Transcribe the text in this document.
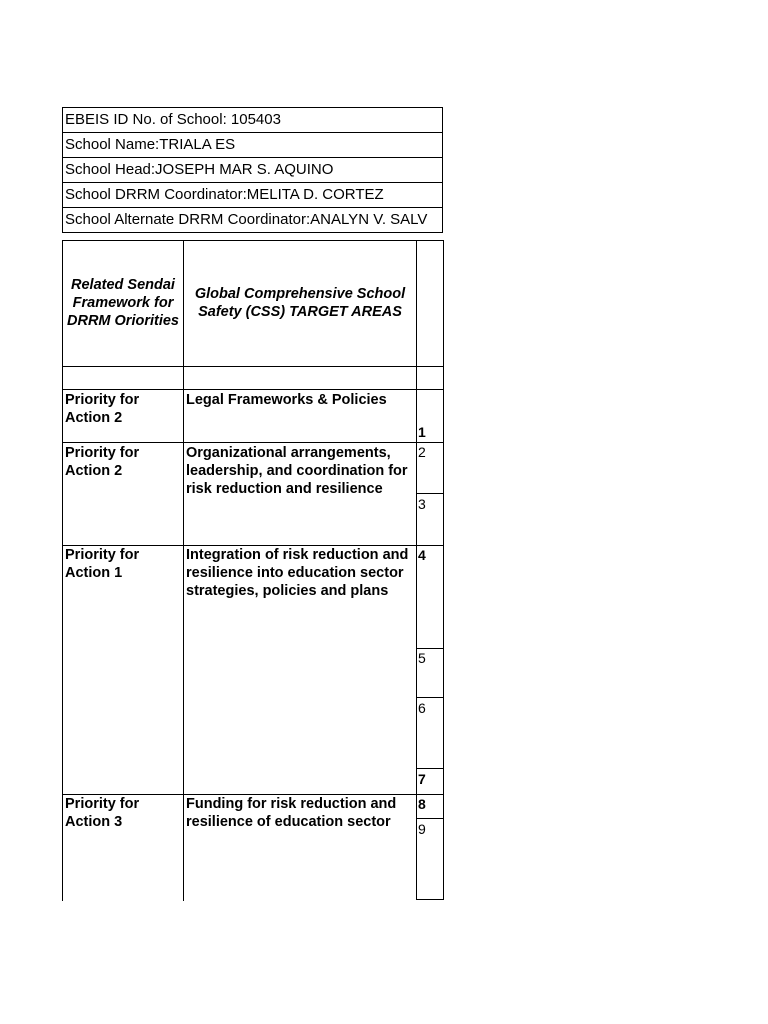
EBEIS ID No. of School: 105403
School Name:TRIALA ES
School Head:JOSEPH MAR S. AQUINO
School DRRM Coordinator:MELITA D. CORTEZ
School Alternate DRRM Coordinator:ANALYN V. SALV
Related Sendai Framework for DRRM Oriorities
Global Comprehensive School Safety (CSS) TARGET AREAS
Priority for Action 2
Legal Frameworks & Policies
Priority for Action 2
Organizational arrangements, leadership, and coordination for risk reduction and resilience
Priority for Action 1
Integration of risk reduction and resilience into education sector strategies, policies and plans
Priority for Action 3
Funding for risk reduction and resilience of education sector
1
2
3
4
5
6
7
8
9
